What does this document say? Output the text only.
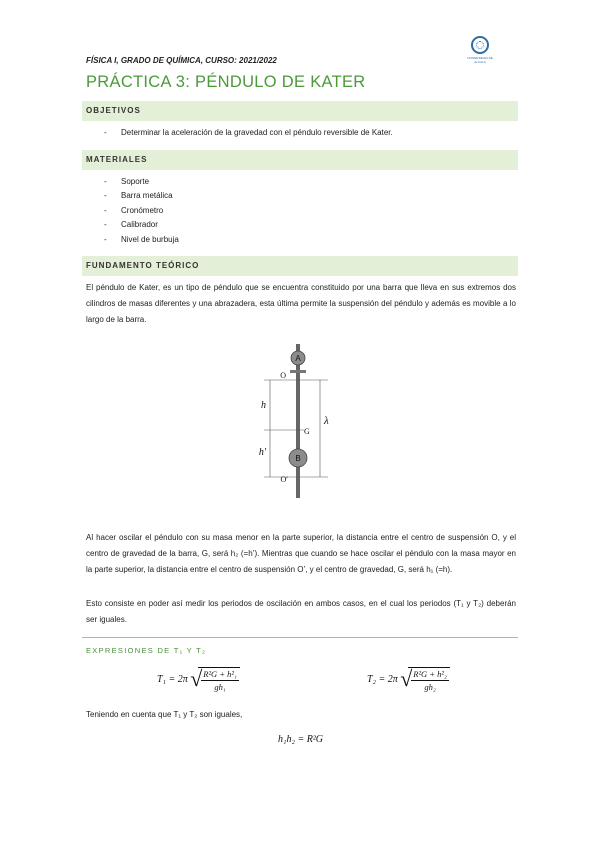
FÍSICA I, GRADO DE QUÍMICA, CURSO: 2021/2022	UNIVERSIDAD DE ALCALÁ
PRÁCTICA 3: PÉNDULO DE KATER
OBJETIVOS
- Determinar la aceleración de la gravedad con el péndulo reversible de Kater.
MATERIALES
- Soporte
- Barra metálica
- Cronómetro
- Calibrador
- Nivel de burbuja
FUNDAMENTO TEÓRICO
El péndulo de Kater, es un tipo de péndulo que se encuentra constituido por una barra que lleva en sus extremos dos cilindros de masas diferentes y una abrazadera, esta última permite la suspensión del péndulo y además es movible a lo largo de la barra.
A
O
h
G
λ
h′
B
O′
Al hacer oscilar el péndulo con su masa menor en la parte superior, la distancia entre el centro de suspensión O, y el centro de gravedad de la barra, G, será h₂ (=h’). Mientras que cuando se hace oscilar el péndulo con la masa mayor en la parte superior, la distancia entre el centro de suspensión O’, y el centro de gravedad, G, será h₁ (=h).
Esto consiste en poder así medir los periodos de oscilación en ambos casos, en el cual los periodos (T₁ y T₂) deberán ser iguales.
EXPRESIONES DE T₁ Y T₂
T₁ = 2π √
$\frac{\text{R²G + h²₁}}{\text{gh₁}}$	T₂ = 2π √
$\frac{\text{R²G + h²₂}}{\text{gh₂}}$
Teniendo en cuenta que T₁ y T₂ son iguales,
h₁h₂ = R²G
